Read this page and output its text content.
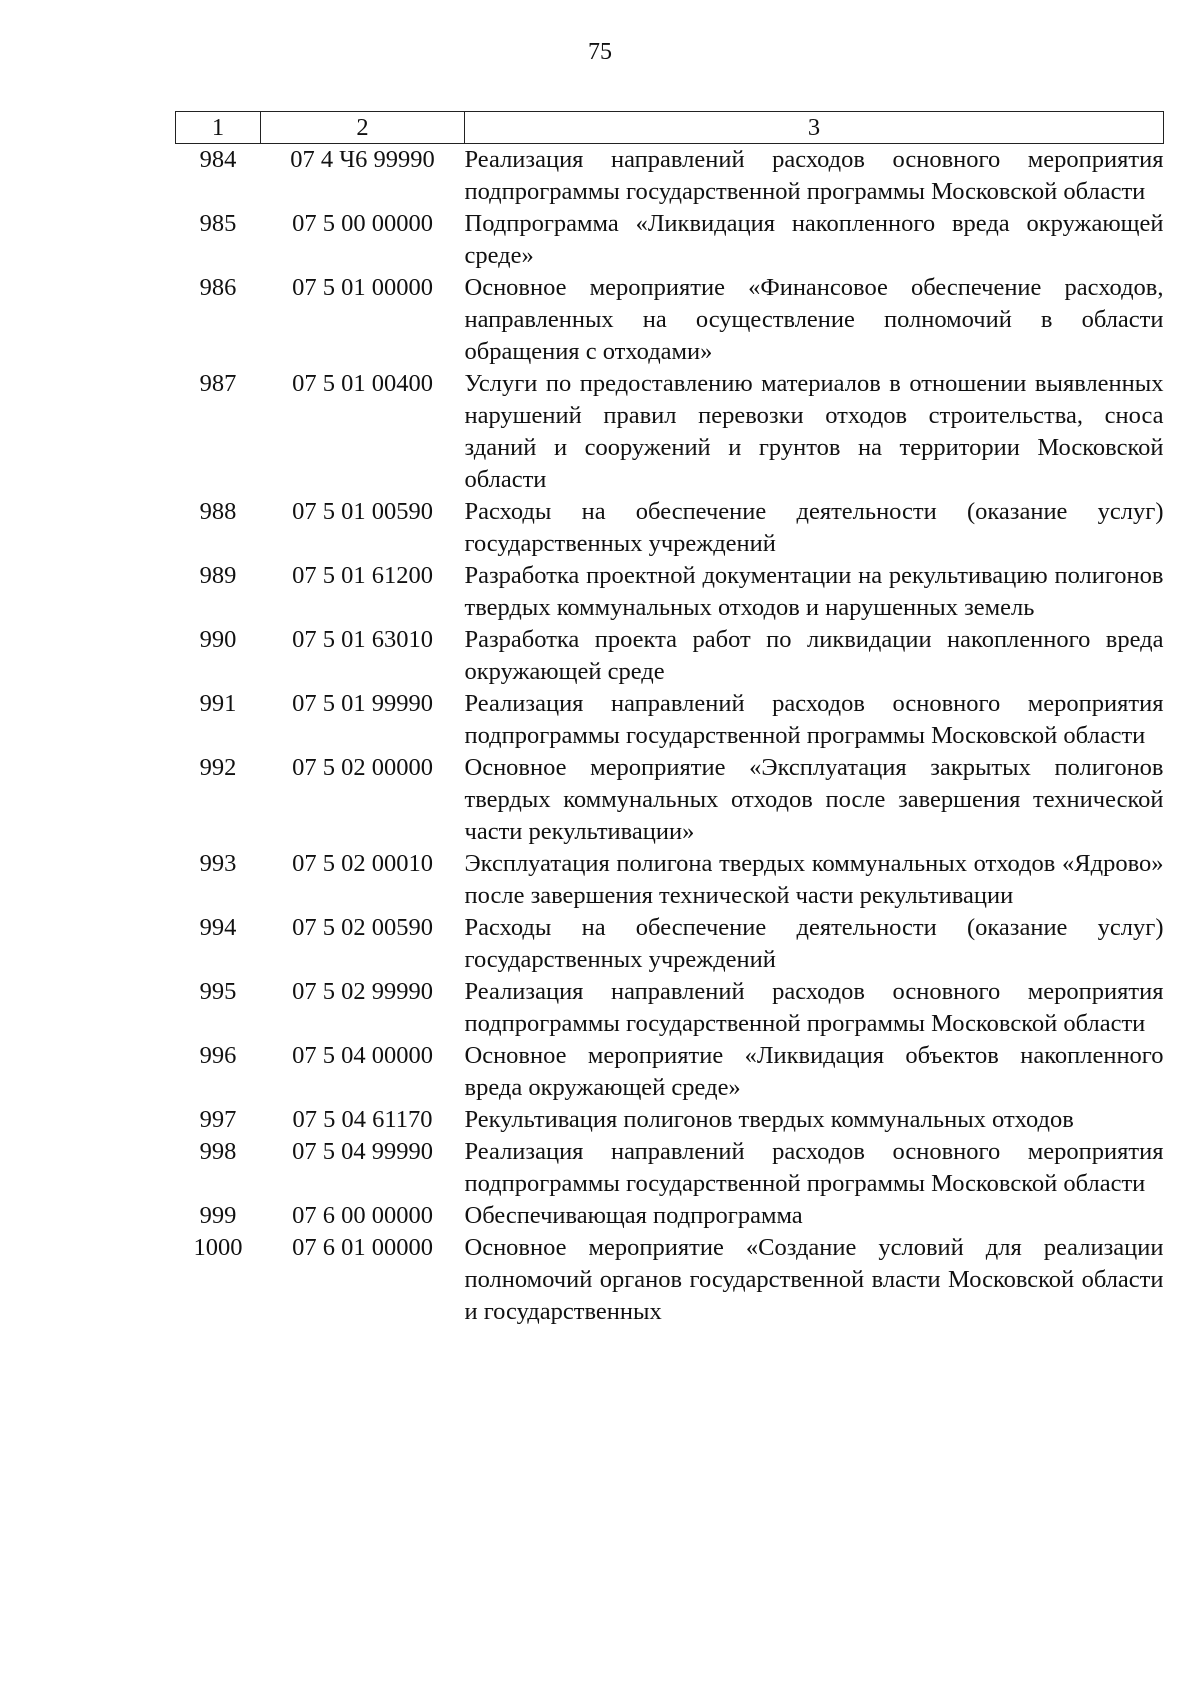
75
1	2	3
984	07 4 Ч6 99990	Реализация направлений расходов основного мероприятия подпрограммы государственной программы Московской области
985	07 5 00 00000	Подпрограмма «Ликвидация накопленного вреда окружающей среде»
986	07 5 01 00000	Основное мероприятие «Финансовое обеспечение расходов, направленных на осуществление полномочий в области обращения с отходами»
987	07 5 01 00400	Услуги по предоставлению материалов в отношении выявленных нарушений правил перевозки отходов строительства, сноса зданий и сооружений и грунтов на территории Московской области
988	07 5 01 00590	Расходы на обеспечение деятельности (оказание услуг) государственных учреждений
989	07 5 01 61200	Разработка проектной документации на рекультивацию полигонов твердых коммунальных отходов и нарушенных земель
990	07 5 01 63010	Разработка проекта работ по ликвидации накопленного вреда окружающей среде
991	07 5 01 99990	Реализация направлений расходов основного мероприятия подпрограммы государственной программы Московской области
992	07 5 02 00000	Основное мероприятие «Эксплуатация закрытых полигонов твердых коммунальных отходов после завершения технической части рекультивации»
993	07 5 02 00010	Эксплуатация полигона твердых коммунальных отходов «Ядрово» после завершения технической части рекультивации
994	07 5 02 00590	Расходы на обеспечение деятельности (оказание услуг) государственных учреждений
995	07 5 02 99990	Реализация направлений расходов основного мероприятия подпрограммы государственной программы Московской области
996	07 5 04 00000	Основное мероприятие «Ликвидация объектов накопленного вреда окружающей среде»
997	07 5 04 61170	Рекультивация полигонов твердых коммунальных отходов
998	07 5 04 99990	Реализация направлений расходов основного мероприятия подпрограммы государственной программы Московской области
999	07 6 00 00000	Обеспечивающая подпрограмма
1000	07 6 01 00000	Основное мероприятие «Создание условий для реализации полномочий органов государственной власти Московской области и государственных
